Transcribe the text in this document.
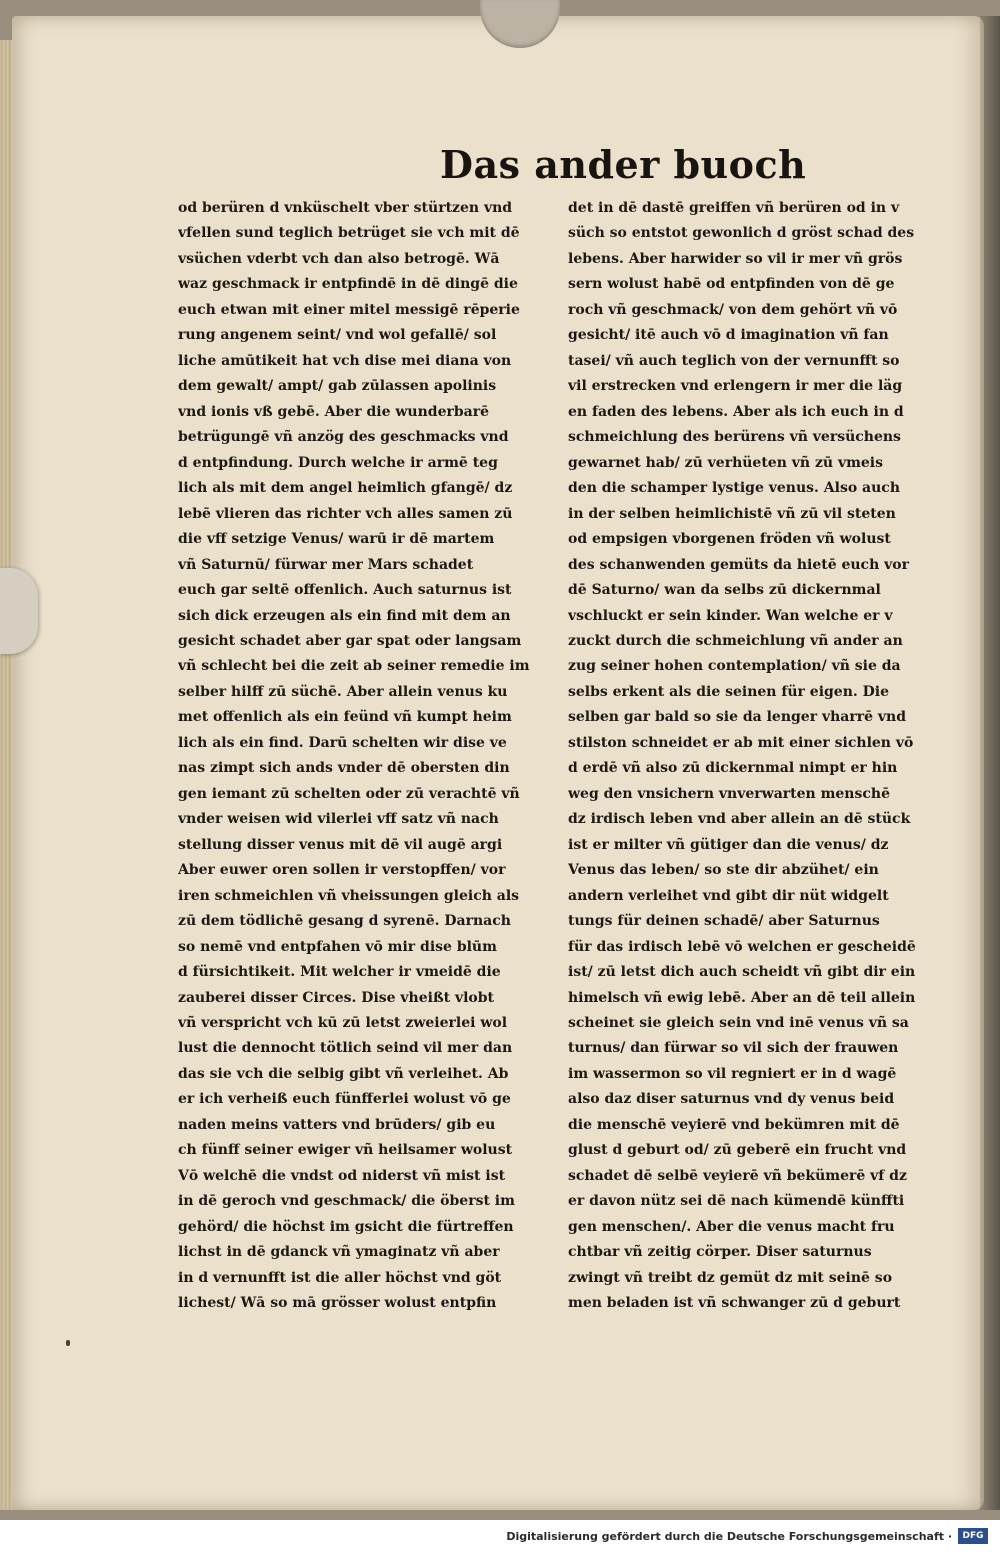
Das ander buoch
od berüren d vnküschelt vber stürtzen vnd
vfellen sund teglich betrüget sie vch mit dē
vsüchen vderbt vch dan also betrogē. Wā
waz geschmack ir entpfindē in dē dingē die
euch etwan mit einer mitel messigē rēperie
rung angenem seint/ vnd wol gefallē/ sol
liche amūtikeit hat vch dise mei diana von
dem gewalt/ ampt/ gab zūlassen apolinis
vnd ionis vß gebē. Aber die wunderbarē
betrügungē vñ anzög des geschmacks vnd
d entpfindung. Durch welche ir armē teg
lich als mit dem angel heimlich gfangē/ dz
lebē vlieren das richter vch alles samen zū
die vff setzige Venus/ warū ir dē martem
vñ Saturnū/ fürwar mer Mars schadet
euch gar seltē offenlich. Auch saturnus ist
sich dick erzeugen als ein find mit dem an
gesicht schadet aber gar spat oder langsam
vñ schlecht bei die zeit ab seiner remedie im
selber hilff zū süchē. Aber allein venus ku
met offenlich als ein feünd vñ kumpt heim
lich als ein find. Darū schelten wir dise ve
nas zimpt sich ands vnder dē obersten din
gen iemant zū schelten oder zū verachtē vñ
vnder weisen wid vilerlei vff satz vñ nach
stellung disser venus mit dē vil augē argi
Aber euwer oren sollen ir verstopffen/ vor
iren schmeichlen vñ vheissungen gleich als
zū dem tödlichē gesang d syrenē. Darnach
so nemē vnd entpfahen vō mir dise blūm
d fürsichtikeit. Mit welcher ir vmeidē die
zauberei disser Circes. Dise vheißt vlobt
vñ verspricht vch kū zū letst zweierlei wol
lust die dennocht tötlich seind vil mer dan
das sie vch die selbig gibt vñ verleihet. Ab
er ich verheiß euch fünfferlei wolust vō ge
naden meins vatters vnd brūders/ gib eu
ch fünff seiner ewiger vñ heilsamer wolust
Vō welchē die vndst od niderst vñ mist ist
in dē geroch vnd geschmack/ die öberst im
gehörd/ die höchst im gsicht die fürtreffen
lichst in dē gdanck vñ ymaginatz vñ aber
in d vernunfft ist die aller höchst vnd göt
lichest/ Wā so mā grösser wolust entpfin
det in dē dastē greiffen vñ berüren od in v
süch so entstot gewonlich d gröst schad des
lebens. Aber harwider so vil ir mer vñ grös
sern wolust habē od entpfinden von dē ge
roch vñ geschmack/ von dem gehört vñ vō
gesicht/ itē auch vō d imagination vñ fan
tasei/ vñ auch teglich von der vernunfft so
vil erstrecken vnd erlengern ir mer die läg
en faden des lebens. Aber als ich euch in d
schmeichlung des berürens vñ versüchens
gewarnet hab/ zū verhüeten vñ zū vmeis
den die schamper lystige venus. Also auch
in der selben heimlichistē vñ zū vil steten
od empsigen vborgenen fröden vñ wolust
des schanwenden gemüts da hietē euch vor
dē Saturno/ wan da selbs zū dickernmal
vschluckt er sein kinder. Wan welche er v
zuckt durch die schmeichlung vñ ander an
zug seiner hohen contemplation/ vñ sie da
selbs erkent als die seinen für eigen. Die
selben gar bald so sie da lenger vharrē vnd
stilston schneidet er ab mit einer sichlen vō
d erdē vñ also zū dickernmal nimpt er hin
weg den vnsichern vnverwarten menschē
dz irdisch leben vnd aber allein an dē stück
ist er milter vñ gütiger dan die venus/ dz
Venus das leben/ so ste dir abzühet/ ein
andern verleihet vnd gibt dir nüt widgelt
tungs für deinen schadē/ aber Saturnus
für das irdisch lebē vō welchen er gescheidē
ist/ zū letst dich auch scheidt vñ gibt dir ein
himelsch vñ ewig lebē. Aber an dē teil allein
scheinet sie gleich sein vnd inē venus vñ sa
turnus/ dan fürwar so vil sich der frauwen
im wassermon so vil regniert er in d wagē
also daz diser saturnus vnd dy venus beid
die menschē veyierē vnd bekümren mit dē
glust d geburt od/ zū geberē ein frucht vnd
schadet dē selbē veyierē vñ bekümerē vf dz
er davon nütz sei dē nach kümendē künffti
gen menschen/. Aber die venus macht fru
chtbar vñ zeitig cörper. Diser saturnus
zwingt vñ treibt dz gemüt dz mit seinē so
men beladen ist vñ schwanger zū d geburt
Digitalisierung gefördert durch die Deutsche Forschungsgemeinschaft ·	DFG
